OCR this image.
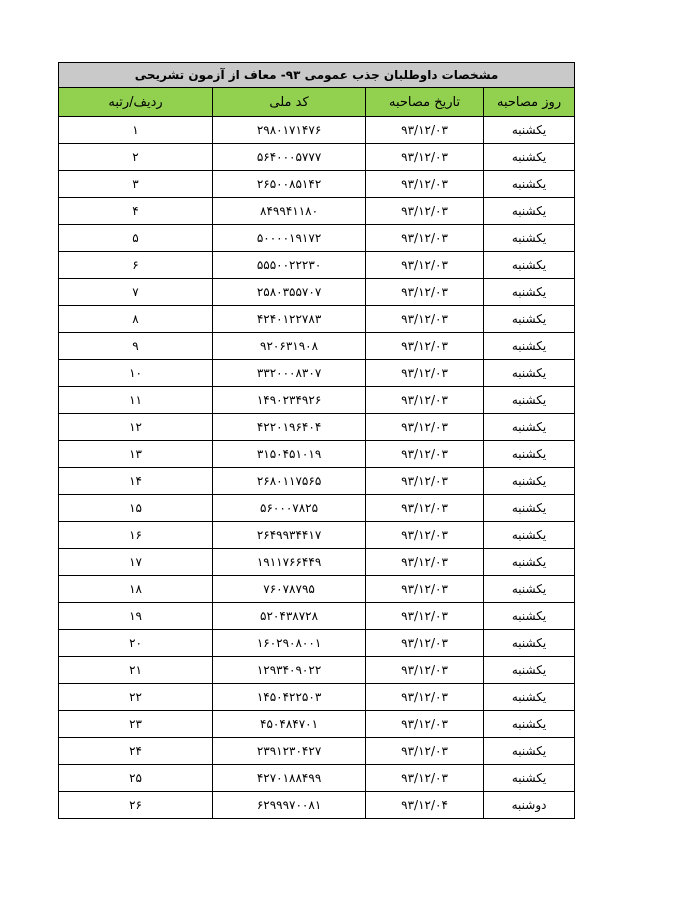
مشخصات داوطلبان جذب عمومی ۹۳- معاف از آزمون تشریحی			
روز مصاحبه	تاریخ مصاحبه	کد ملی	ردیف/رتبه
یکشنبه	۹۳/۱۲/۰۳	۲۹۸۰۱۷۱۴۷۶	۱
یکشنبه	۹۳/۱۲/۰۳	۵۶۴۰۰۰۵۷۷۷	۲
یکشنبه	۹۳/۱۲/۰۳	۲۶۵۰۰۸۵۱۴۲	۳
یکشنبه	۹۳/۱۲/۰۳	۸۴۹۹۴۱۱۸۰	۴
یکشنبه	۹۳/۱۲/۰۳	۵۰۰۰۰۱۹۱۷۲	۵
یکشنبه	۹۳/۱۲/۰۳	۵۵۵۰۰۲۲۲۳۰	۶
یکشنبه	۹۳/۱۲/۰۳	۲۵۸۰۳۵۵۷۰۷	۷
یکشنبه	۹۳/۱۲/۰۳	۴۲۴۰۱۲۲۷۸۳	۸
یکشنبه	۹۳/۱۲/۰۳	۹۲۰۶۳۱۹۰۸	۹
یکشنبه	۹۳/۱۲/۰۳	۳۳۲۰۰۰۸۳۰۷	۱۰
یکشنبه	۹۳/۱۲/۰۳	۱۴۹۰۲۳۴۹۲۶	۱۱
یکشنبه	۹۳/۱۲/۰۳	۴۲۲۰۱۹۶۴۰۴	۱۲
یکشنبه	۹۳/۱۲/۰۳	۳۱۵۰۴۵۱۰۱۹	۱۳
یکشنبه	۹۳/۱۲/۰۳	۲۶۸۰۱۱۷۵۶۵	۱۴
یکشنبه	۹۳/۱۲/۰۳	۵۶۰۰۰۷۸۲۵	۱۵
یکشنبه	۹۳/۱۲/۰۳	۲۶۴۹۹۳۴۴۱۷	۱۶
یکشنبه	۹۳/۱۲/۰۳	۱۹۱۱۷۶۶۴۴۹	۱۷
یکشنبه	۹۳/۱۲/۰۳	۷۶۰۷۸۷۹۵	۱۸
یکشنبه	۹۳/۱۲/۰۳	۵۲۰۴۳۸۷۲۸	۱۹
یکشنبه	۹۳/۱۲/۰۳	۱۶۰۲۹۰۸۰۰۱	۲۰
یکشنبه	۹۳/۱۲/۰۳	۱۲۹۳۴۰۹۰۲۲	۲۱
یکشنبه	۹۳/۱۲/۰۳	۱۴۵۰۴۲۲۵۰۳	۲۲
یکشنبه	۹۳/۱۲/۰۳	۴۵۰۴۸۴۷۰۱	۲۳
یکشنبه	۹۳/۱۲/۰۳	۲۳۹۱۲۳۰۴۲۷	۲۴
یکشنبه	۹۳/۱۲/۰۳	۴۲۷۰۱۸۸۴۹۹	۲۵
دوشنبه	۹۳/۱۲/۰۴	۶۲۹۹۹۷۰۰۸۱	۲۶
